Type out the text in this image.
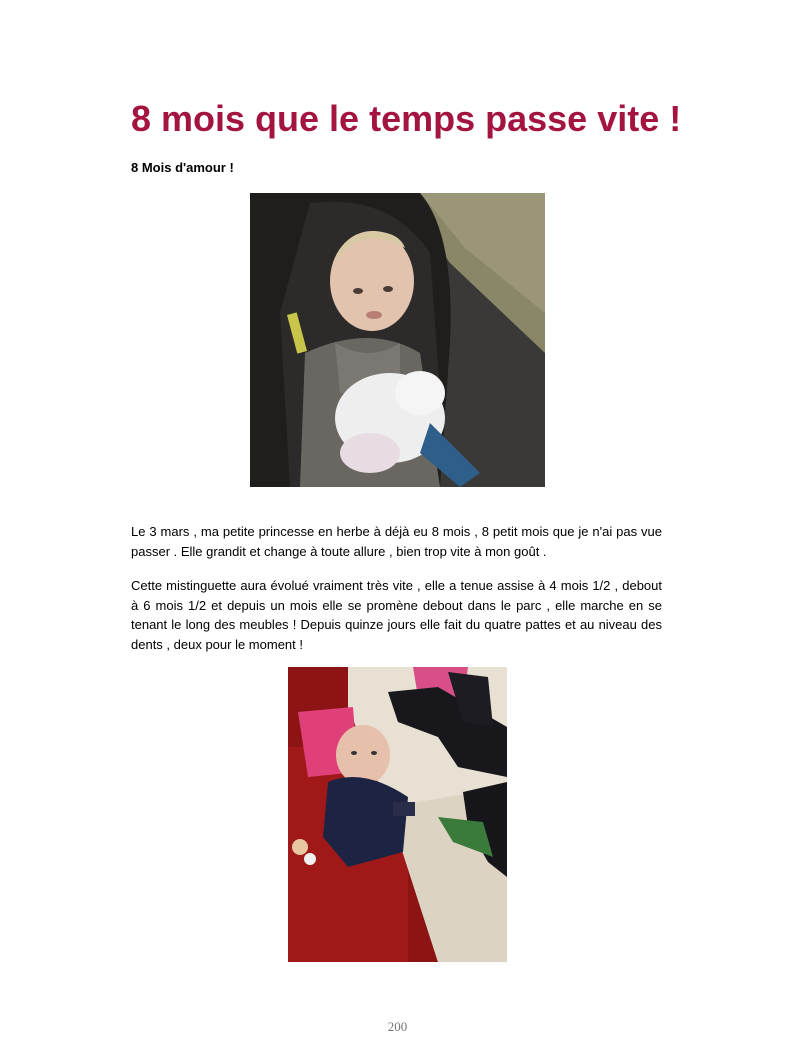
8 mois que le temps passe vite !
8 Mois d'amour !

Le 3 mars , ma petite princesse en herbe à déjà eu 8 mois , 8 petit mois que je n'ai pas vue passer . Elle grandit et change à toute allure , bien trop vite à mon goût .

Cette mistinguette aura évolué vraiment très vite , elle a tenue assise à 4 mois 1/2 , debout à 6 mois 1/2 et depuis un mois elle se promène debout dans le parc , elle marche en se tenant le long des meubles ! Depuis quinze jours elle fait du quatre pattes et au niveau des dents , deux pour le moment !

200
